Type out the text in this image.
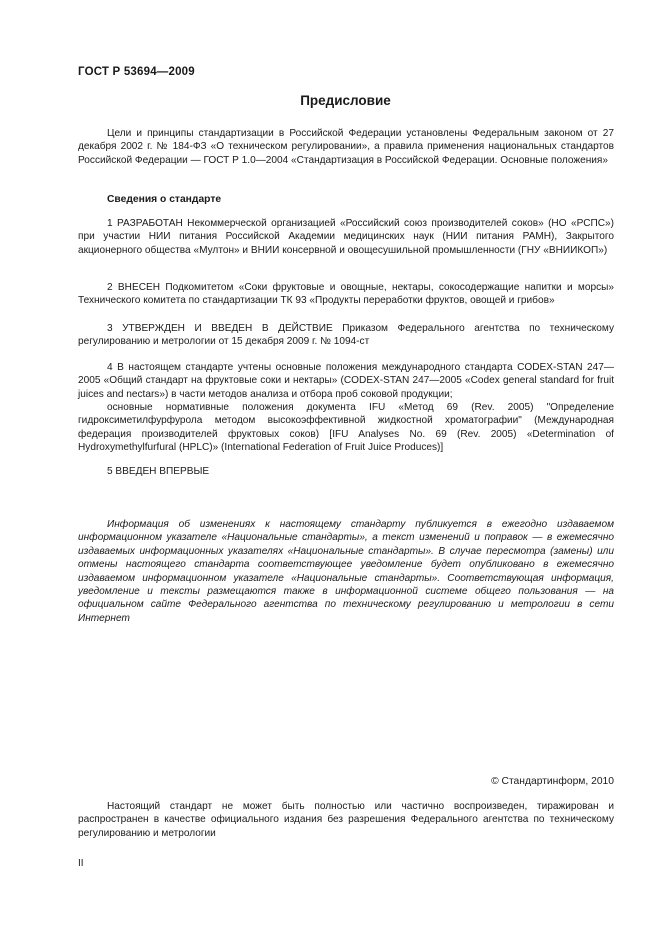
ГОСТ Р 53694—2009
Предисловие

Цели и принципы стандартизации в Российской Федерации установлены Федеральным законом от 27 декабря 2002 г. № 184-ФЗ «О техническом регулировании», а правила применения национальных стандартов Российской Федерации — ГОСТ Р 1.0—2004 «Стандартизация в Российской Федерации. Основные положения»

Сведения о стандарте

1 РАЗРАБОТАН Некоммерческой организацией «Российский союз производителей соков» (НО «РСПС») при участии НИИ питания Российской Академии медицинских наук (НИИ питания РАМН), Закрытого акционерного общества «Мултон» и ВНИИ консервной и овощесушильной промышленности (ГНУ «ВНИИКОП»)

2 ВНЕСЕН Подкомитетом «Соки фруктовые и овощные, нектары, сокосодержащие напитки и морсы» Технического комитета по стандартизации ТК 93 «Продукты переработки фруктов, овощей и грибов»

3 УТВЕРЖДЕН И ВВЕДЕН В ДЕЙСТВИЕ Приказом Федерального агентства по техническому регулированию и метрологии от 15 декабря 2009 г. № 1094-ст

4 В настоящем стандарте учтены основные положения международного стандарта CODEX-STAN 247—2005 «Общий стандарт на фруктовые соки и нектары» (CODEX-STAN 247—2005 «Codex general standard for fruit juices and nectars») в части методов анализа и отбора проб соковой продукции;

основные нормативные положения документа IFU «Метод 69 (Rev. 2005) "Определение гидроксиметилфурфурола методом высокоэффективной жидкостной хроматографии" (Международная федерация производителей фруктовых соков) [IFU Analyses No. 69 (Rev. 2005) «Determination of Hydroxymethylfurfural (HPLC)» (International Federation of Fruit Juice Produces)]

5 ВВЕДЕН ВПЕРВЫЕ

Информация об изменениях к настоящему стандарту публикуется в ежегодно издаваемом информационном указателе «Национальные стандарты», а текст изменений и поправок — в ежемесячно издаваемых информационных указателях «Национальные стандарты». В случае пересмотра (замены) или отмены настоящего стандарта соответствующее уведомление будет опубликовано в ежемесячно издаваемом информационном указателе «Национальные стандарты». Соответствующая информация, уведомление и тексты размещаются также в информационной системе общего пользования — на официальном сайте Федерального агентства по техническому регулированию и метрологии в сети Интернет

© Стандартинформ, 2010

Настоящий стандарт не может быть полностью или частично воспроизведен, тиражирован и распространен в качестве официального издания без разрешения Федерального агентства по техническому регулированию и метрологии

II
